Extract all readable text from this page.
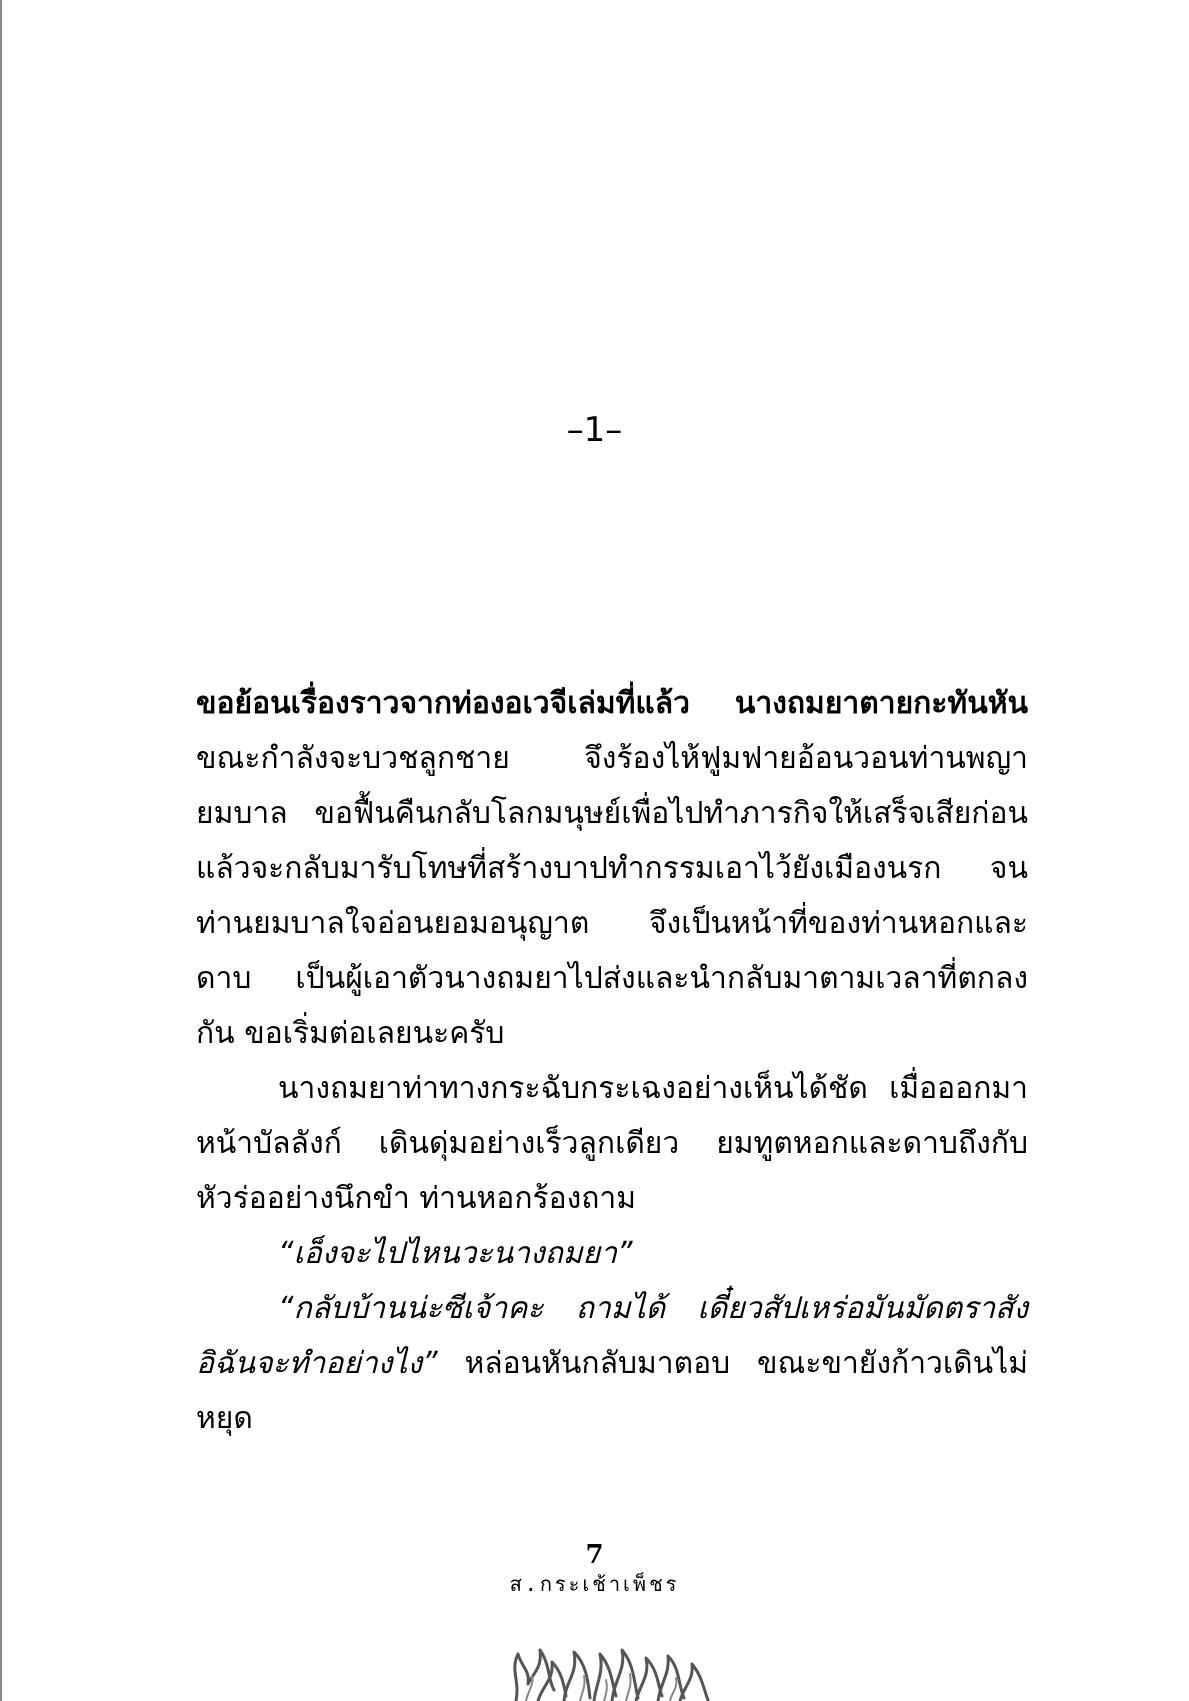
–1–

ขอย้อนเรื่องราวจากท่องอเวจีเล่มที่แล้ว นางถมยาตายกะทันหัน ขณะกำลังจะบวชลูกชาย จึงร้องไห้ฟูมฟายอ้อนวอนท่านพญายมบาล ขอฟื้นคืนกลับโลกมนุษย์เพื่อไปทำภารกิจให้เสร็จเสียก่อนแล้วจะกลับมารับโทษที่สร้างบาปทำกรรมเอาไว้ยังเมืองนรก จนท่านยมบาลใจอ่อนยอมอนุญาต จึงเป็นหน้าที่ของท่านหอกและดาบ เป็นผู้เอาตัวนางถมยาไปส่งและนำกลับมาตามเวลาที่ตกลงกัน ขอเริ่มต่อเลยนะครับ

นางถมยาท่าทางกระฉับกระเฉงอย่างเห็นได้ชัด เมื่อออกมาหน้าบัลลังก์ เดินดุ่มอย่างเร็วลูกเดียว ยมทูตหอกและดาบถึงกับหัวร่ออย่างนึกขำ ท่านหอกร้องถาม

“เอ็งจะไปไหนวะนางถมยา”

“กลับบ้านน่ะซีเจ้าคะ ถามได้ เดี๋ยวสัปเหร่อมันมัดตราสังอิฉันจะทำอย่างไง” หล่อนหันกลับมาตอบ ขณะขายังก้าวเดินไม่หยุด

7
ส.กระเช้าเพ็ชร
